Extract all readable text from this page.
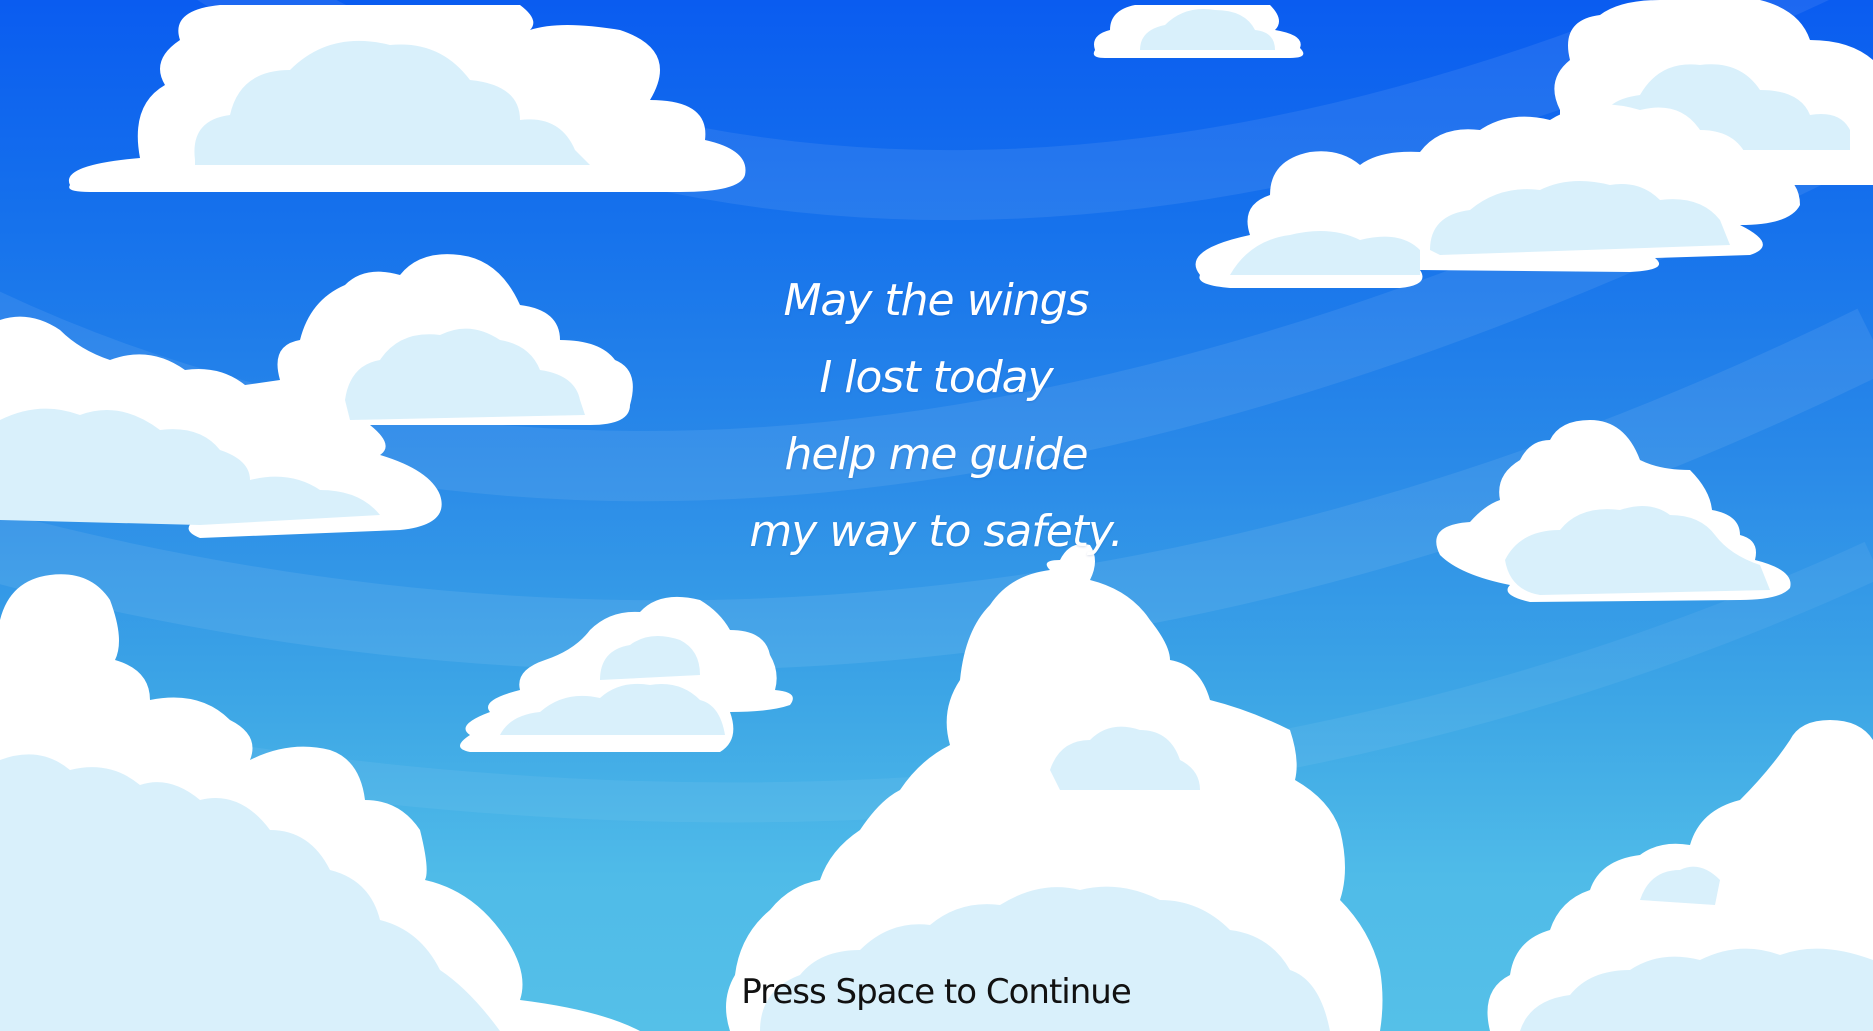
May the wings
I lost today
help me guide
my way to safety.
Press Space to Continue
